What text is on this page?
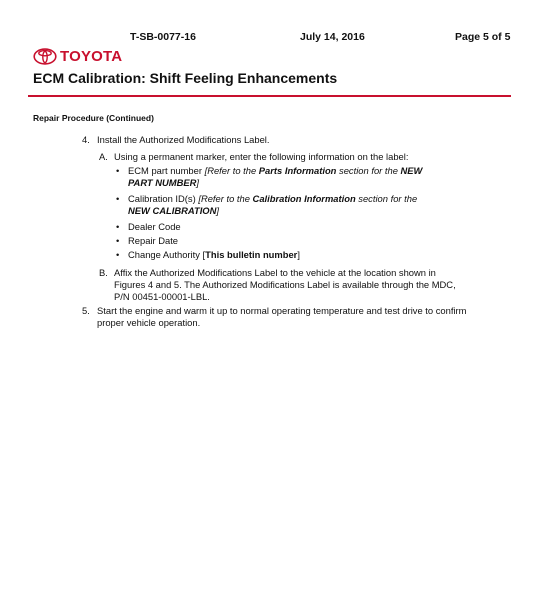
T-SB-0077-16	July 14, 2016	Page 5 of 5
TOYOTA
ECM Calibration: Shift Feeling Enhancements
Repair Procedure (Continued)
4. Install the Authorized Modifications Label.
A. Using a permanent marker, enter the following information on the label:
• ECM part number [Refer to the Parts Information section for the NEW
PART NUMBER]
• Calibration ID(s) [Refer to the Calibration Information section for the
NEW CALIBRATION]
• Dealer Code
• Repair Date
• Change Authority [This bulletin number]
B. Affix the Authorized Modifications Label to the vehicle at the location shown in
Figures 4 and 5. The Authorized Modifications Label is available through the MDC,
P/N 00451-00001-LBL.
5. Start the engine and warm it up to normal operating temperature and test drive to confirm
proper vehicle operation.
